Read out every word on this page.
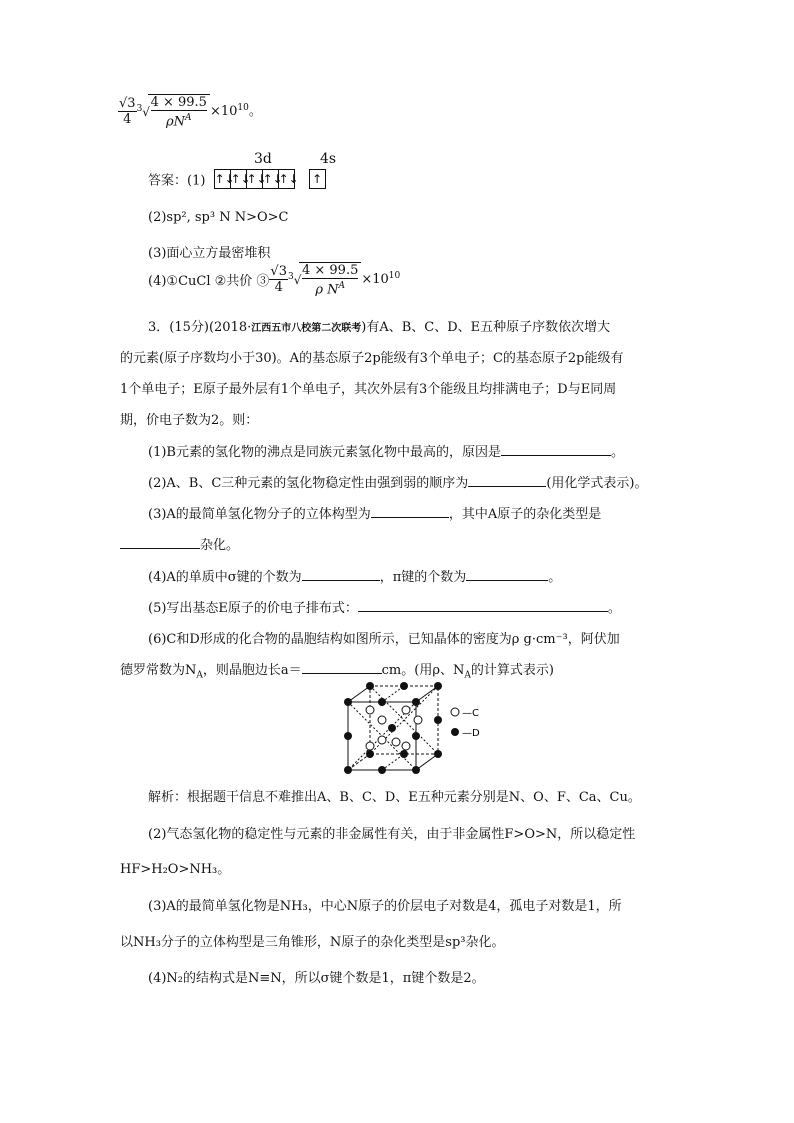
$\frac{√3}{4} ^3√$
$\frac{4 \times 99.5}{\rho N^A} \times 10^{10}$。
3d	4s
答案：(1) ↑↓
↑↓
↑↓
↑↓
↑↓
↑
(2)sp², sp³ N N>O>C
(3)面心立方最密堆积
(4)①CuCl ②共价 ③ $\frac{√3}{4} ^3√$
$\frac{4 \times 99.5}{\rho N^A} \times 10^{10}$
3．(15分)(2018·江西五市八校第二次联考)有A、B、C、D、E五种原子序数依次增大
的元素(原子序数均小于30)。A的基态原子2p能级有3个单电子；C的基态原子2p能级有
1个单电子；E原子最外层有1个单电子，其次外层有3个能级且均排满电子；D与E同周
期，价电子数为2。则：
(1)B元素的氢化物的沸点是同族元素氢化物中最高的，原因是	。
(2)A、B、C三种元素的氢化物稳定性由强到弱的顺序为	(用化学式表示)。
(3)A的最简单氢化物分子的立体构型为	，其中A原子的杂化类型是
杂化。
(4)A的单质中σ键的个数为	，π键的个数为	。
(5)写出基态E原子的价电子排布式：	。
(6)C和D形成的化合物的晶胞结构如图所示，已知晶体的密度为ρ g·cm⁻³，阿伏加
德罗常数为$N_A$，则晶胞边长a＝	cm。(用ρ、$N_A$的计算式表示)
—C
—D
解析：根据题干信息不难推出A、B、C、D、E五种元素分别是N、O、F、Ca、Cu。
(2)气态氢化物的稳定性与元素的非金属性有关，由于非金属性F>O>N，所以稳定性
HF>H₂O>NH₃。
(3)A的最简单氢化物是NH₃，中心N原子的价层电子对数是4，孤电子对数是1，所
以NH₃分子的立体构型是三角锥形，N原子的杂化类型是sp³杂化。
(4)N₂的结构式是N≡N，所以σ键个数是1，π键个数是2。
